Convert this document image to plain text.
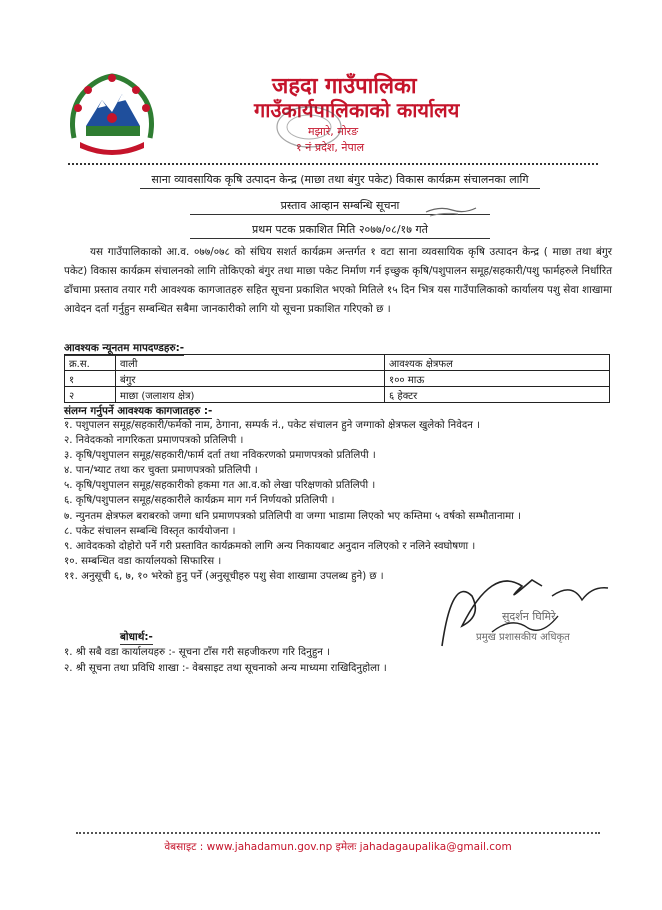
जहदा गाउँपालिका
गाउँकार्यपालिकाको कार्यालय
मझारे, मोरङ
१ नं प्रदेश, नेपाल
साना व्यावसायिक कृषि उत्पादन केन्द्र (माछा तथा बंगुर पकेट) विकास कार्यक्रम संचालनका लागि
प्रस्ताव आव्हान सम्बन्धि सूचना
प्रथम पटक प्रकाशित मिति २०७७/०८/१७ गते

यस गाउँपालिकाको आ.व. ०७७/०७८ को संघिय सशर्त कार्यक्रम अन्तर्गत १ वटा साना व्यवसायिक कृषि उत्पादन केन्द्र ( माछा तथा बंगुर पकेट) विकास कार्यक्रम संचालनको लागि तोकिएको बंगुर तथा माछा पकेट निर्माण गर्न इच्छुक कृषि/पशुपालन समूह/सहकारी/पशु फार्महरुले निर्धारित ढाँचामा प्रस्ताव तयार गरी आवश्यक कागजातहरु सहित सूचना प्रकाशित भएको मितिले १५ दिन भित्र यस गाउँपालिकाको कार्यालय पशु सेवा शाखामा आवेदन दर्ता गर्नुहुन सम्बन्धित सबैमा जानकारीको लागि यो सूचना प्रकाशित गरिएको छ ।

आवश्यक न्यूनतम मापदण्डहरु:-
क्र.स.	वाली	आवश्यक क्षेत्रफल
१	बंगुर	१०० माऊ
२	माछा (जलाशय क्षेत्र)	६ हेक्टर
संलग्न गर्नुपर्ने आवश्यक कागजातहरु :-
१. पशुपालन समूह/सहकारी/फर्मको नाम, ठेगाना, सम्पर्क नं., पकेट संचालन हुने जग्गाको क्षेत्रफल खुलेको निवेदन ।
२. निवेदकको नागरिकता प्रमाणपत्रको प्रतिलिपी ।
३. कृषि/पशुपालन समूह/सहकारी/फार्म दर्ता तथा नविकरणको प्रमाणपत्रको प्रतिलिपी ।
४. पान/भ्याट तथा कर चुक्ता प्रमाणपत्रको प्रतिलिपी ।
५. कृषि/पशुपालन समूह/सहकारीको हकमा गत आ.व.को लेखा परिक्षणको प्रतिलिपी ।
६. कृषि/पशुपालन समूह/सहकारीले कार्यक्रम माग गर्न निर्णयको प्रतिलिपी ।
७. न्युनतम क्षेत्रफल बराबरको जग्गा धनि प्रमाणपत्रको प्रतिलिपी वा जग्गा भाडामा लिएको भए कम्तिमा ५ वर्षको सम्भौतानामा ।
८. पकेट संचालन सम्बन्धि विस्तृत कार्ययोजना ।
९. आवेदकको दोहोरो पर्ने गरी प्रस्तावित कार्यक्रमको लागि अन्य निकायबाट अनुदान नलिएको र नलिने स्वघोषणा ।
१०. सम्बन्धित वडा कार्यालयको सिफारिस ।
११. अनुसूची ६, ७, १० भरेको हुनु पर्ने (अनुसूचीहरु पशु सेवा शाखामा उपलब्ध हुने) छ ।
सुदर्शन घिमिरे
प्रमुख प्रशासकीय अधिकृत
बोधार्थ:-
१. श्री सबै वडा कार्यालयहरु :- सूचना टाँस गरी सहजीकरण गरि दिनुहुन ।
२. श्री सूचना तथा प्रविधि शाखा :- वेबसाइट तथा सूचनाको अन्य माध्यमा राखिदिनुहोला ।
वेबसाइट : www.jahadamun.gov.np इमेलः jahadagaupalika@gmail.com
